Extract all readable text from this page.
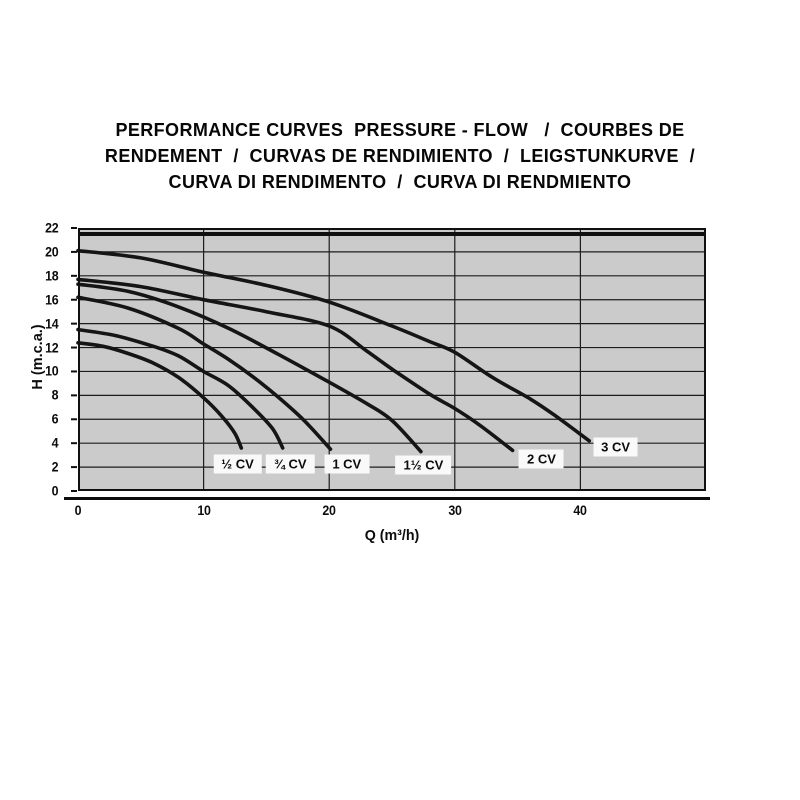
PERFORMANCE CURVES  PRESSURE - FLOW   /  COURBES DE
RENDEMENT  /  CURVAS DE RENDIMIENTO  /  LEIGSTUNKURVE  /
CURVA DI RENDIMENTO  /  CURVA DI RENDMIENTO
H (m.c.a.)
0
2
4
6
8
10
12
14
16
18
20
22
½ CV	¾ CV	1 CV	1½ CV	2 CV
3 CV
0	10	20	30	40
Q (m³/h)
